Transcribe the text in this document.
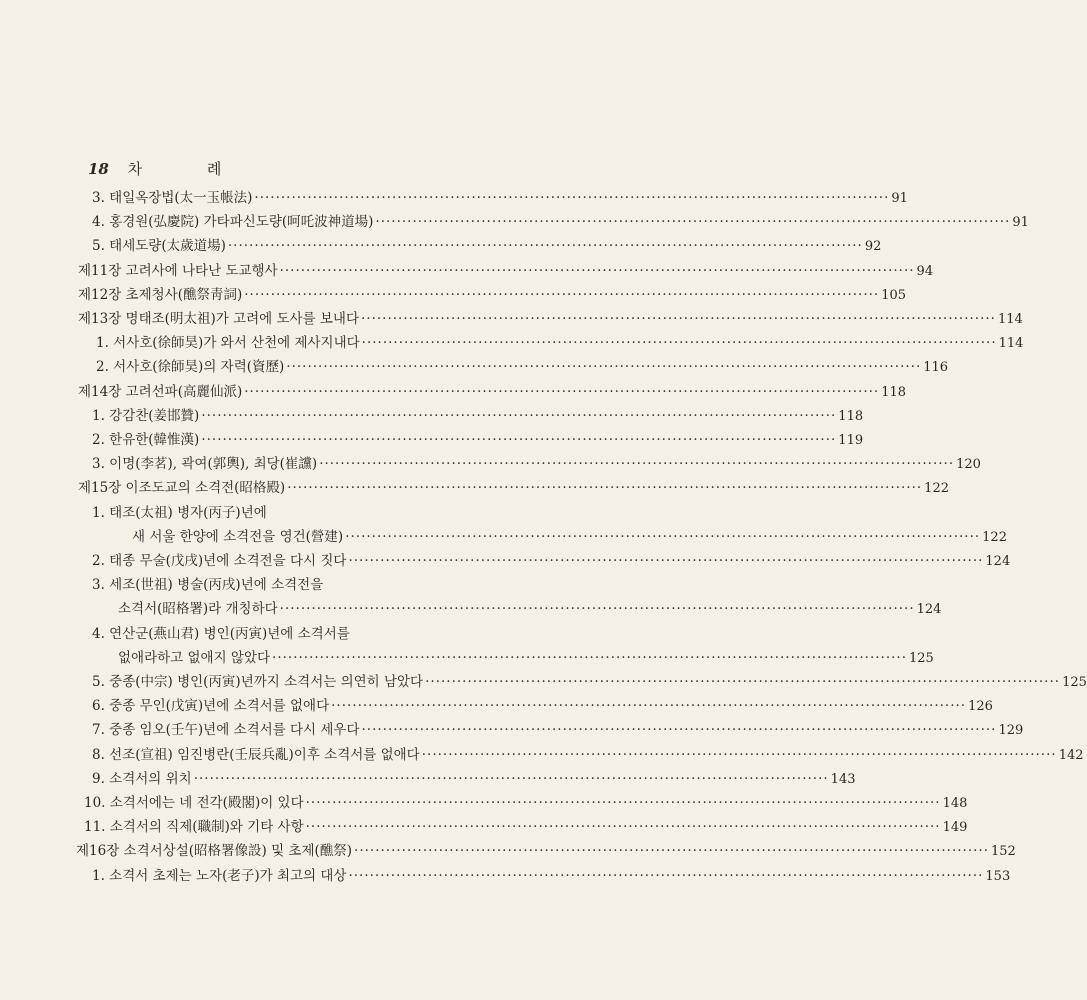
18 차 례
3. 태일옥장법(太一玉帳法) ························································································································ 91
4. 홍경원(弘慶院) 가타파신도량(呵吒波神道場) ························································································································ 91
5. 태세도량(太歲道場) ························································································································ 92
제11장 고려사에 나타난 도교행사 ························································································································ 94
제12장 초제청사(醮祭靑詞) ························································································································ 105
제13장 명태조(明太祖)가 고려에 도사를 보내다 ························································································································ 114
1. 서사호(徐師昊)가 와서 산천에 제사지내다 ························································································································ 114
2. 서사호(徐師昊)의 자력(資歷) ························································································································ 116
제14장 고려선파(高麗仙派) ························································································································ 118
1. 강감찬(姜邯贊) ························································································································ 118
2. 한유한(韓惟漢) ························································································································ 119
3. 이명(李茗), 곽여(郭輿), 최당(崔讜) ························································································································ 120
제15장 이조도교의 소격전(昭格殿) ························································································································ 122
1. 태조(太祖) 병자(丙子)년에
새 서울 한양에 소격전을 영건(營建) ························································································································ 122
2. 태종 무술(戊戌)년에 소격전을 다시 짓다 ························································································································ 124
3. 세조(世祖) 병술(丙戌)년에 소격전을
소격서(昭格署)라 개칭하다 ························································································································ 124
4. 연산군(燕山君) 병인(丙寅)년에 소격서를
없애라하고 없애지 않았다 ························································································································ 125
5. 중종(中宗) 병인(丙寅)년까지 소격서는 의연히 남았다 ························································································································ 125
6. 중종 무인(戊寅)년에 소격서를 없애다 ························································································································ 126
7. 중종 임오(壬午)년에 소격서를 다시 세우다 ························································································································ 129
8. 선조(宣祖) 임진병란(壬辰兵亂)이후 소격서를 없애다 ························································································································ 142
9. 소격서의 위치 ························································································································ 143
10. 소격서에는 네 전각(殿閣)이 있다 ························································································································ 148
11. 소격서의 직제(職制)와 기타 사항 ························································································································ 149
제16장 소격서상설(昭格署像設) 및 초제(醮祭) ························································································································ 152
1. 소격서 초제는 노자(老子)가 최고의 대상 ························································································································ 153
